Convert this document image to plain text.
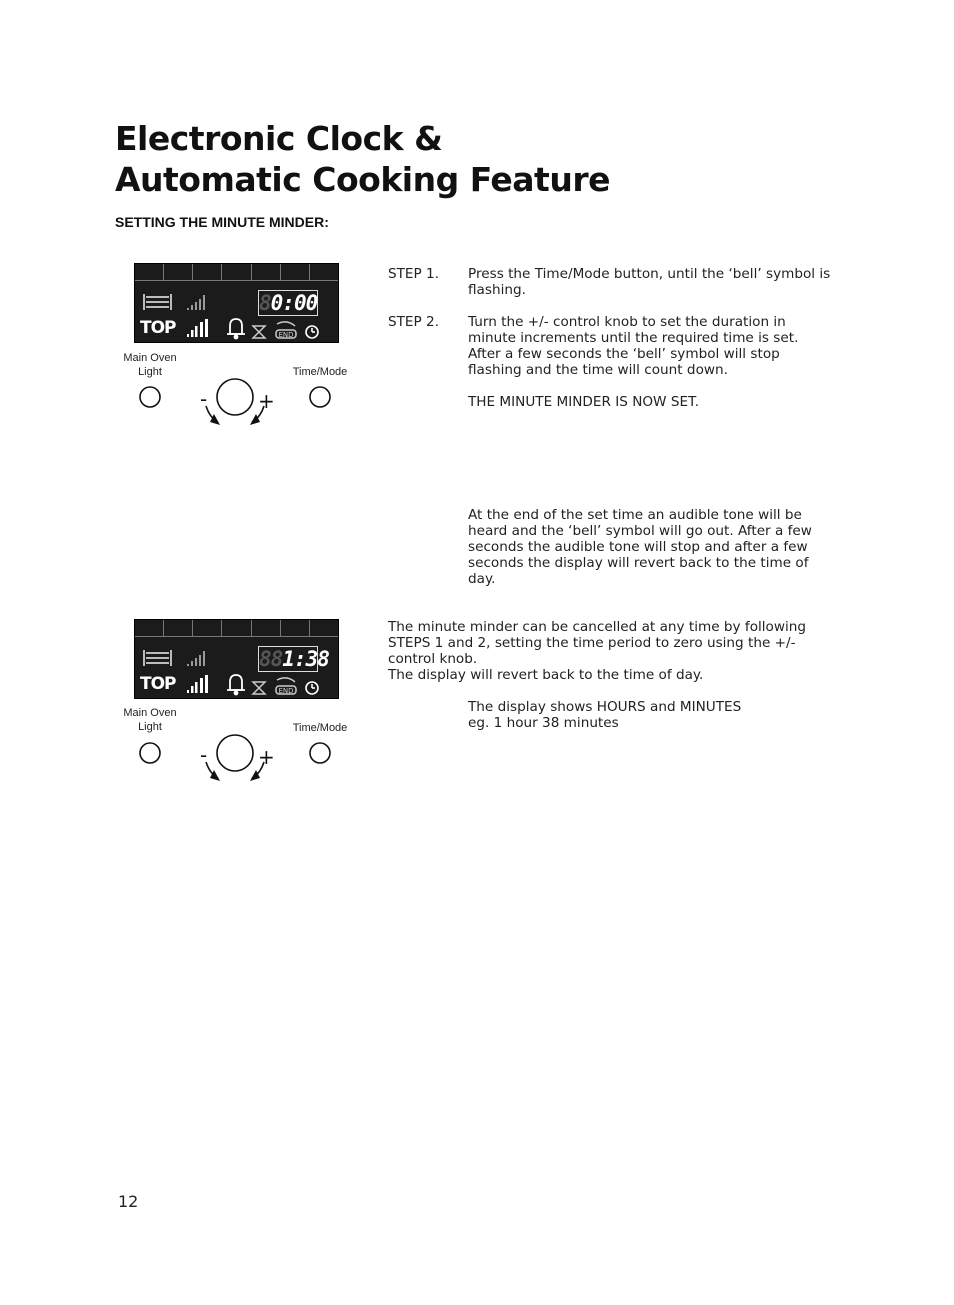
Electronic Clock &
Automatic Cooking Feature
SETTING THE MINUTE MINDER:
END
80:00
TOP
Main Oven
Light	Time/Mode
-	+
END
881:38
TOP
Main Oven
Light	Time/Mode
-	+
STEP 1. Press the Time/Mode button, until the ‘bell’ symbol is
flashing.
STEP 2. Turn the +/- control knob to set the duration in
minute increments until the required time is set.
After a few seconds the ‘bell’ symbol will stop
flashing and the time will count down.
THE MINUTE MINDER IS NOW SET.
At the end of the set time an audible tone will be
heard and the ‘bell’ symbol will go out. After a few
seconds the audible tone will stop and after a few
seconds the display will revert back to the time of
day.
The minute minder can be cancelled at any time by following
STEPS 1 and 2, setting the time period to zero using the +/-
control knob.
The display will revert back to the time of day.
The display shows HOURS and MINUTES
eg. 1 hour 38 minutes
12
